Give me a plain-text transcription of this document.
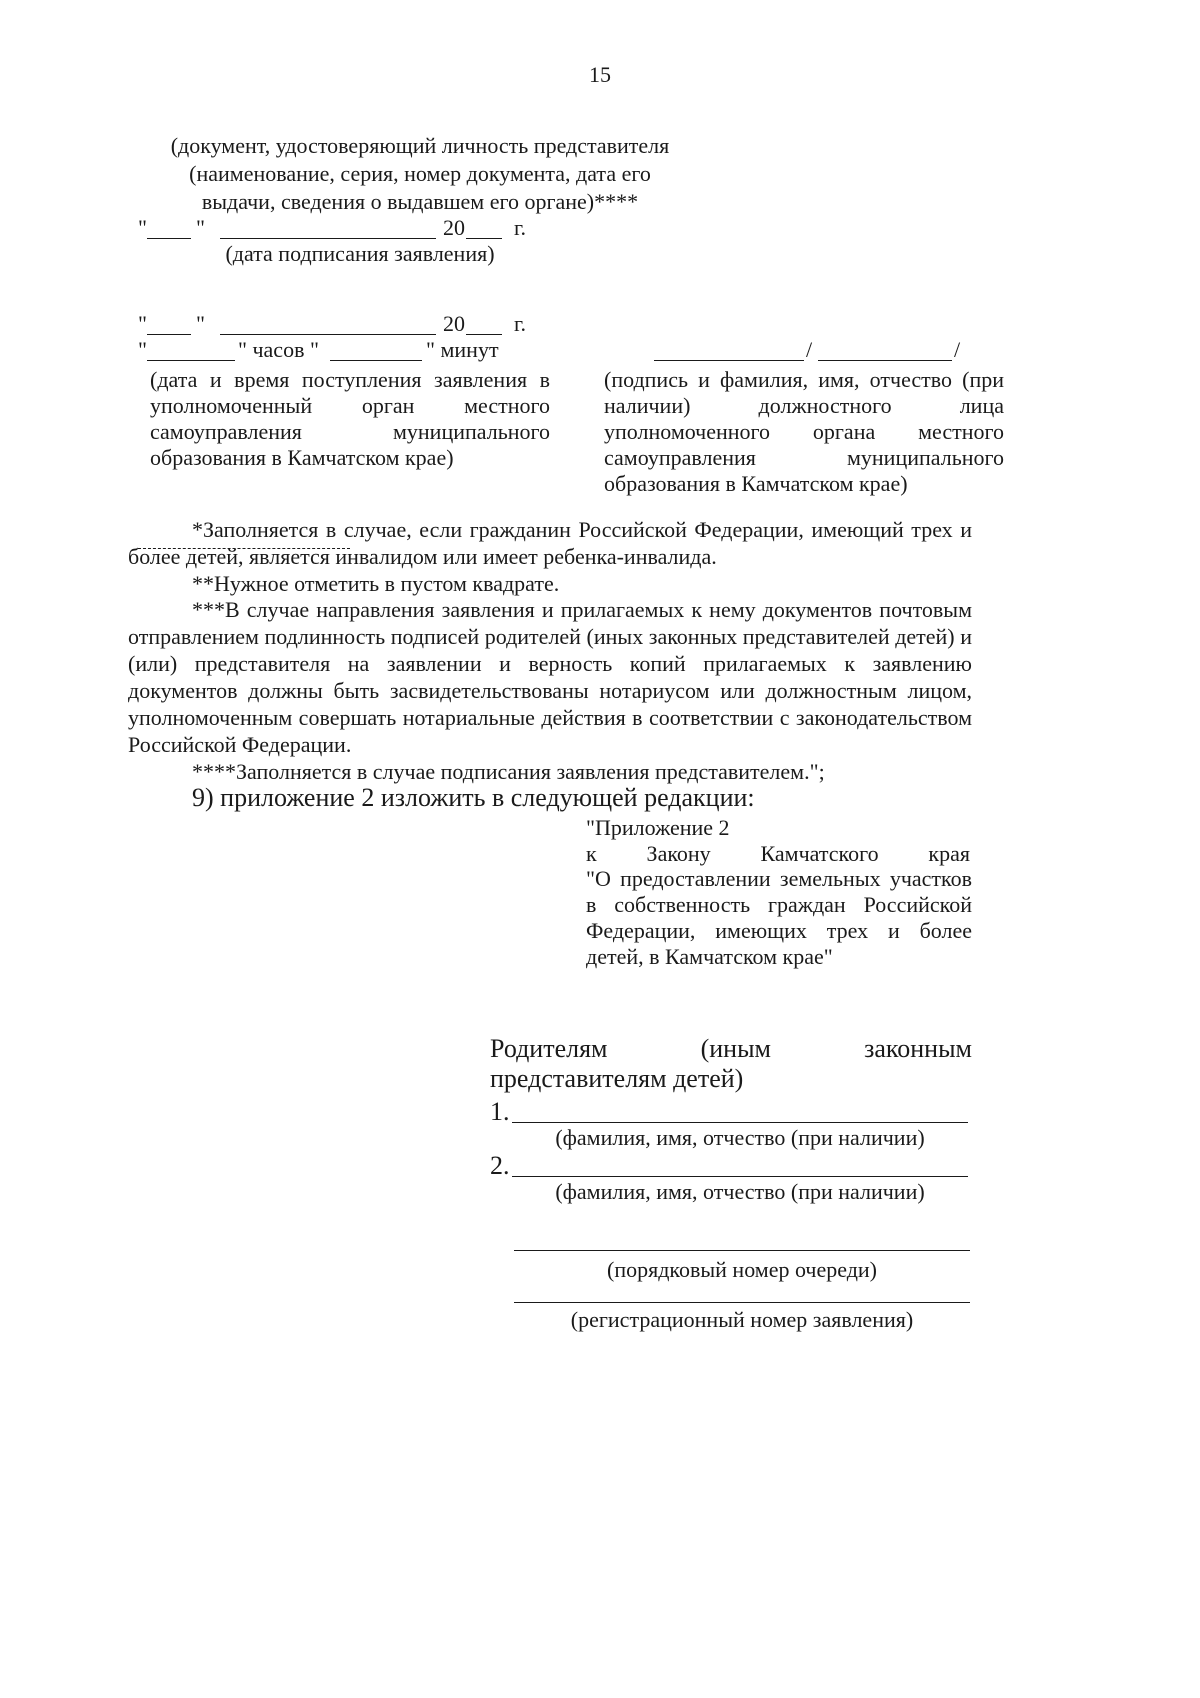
15
(документ, удостоверяющий личность представителя
(наименование, серия, номер документа, дата его
выдачи, сведения о выдавшем его органе)****
" "	20 г.
(дата подписания заявления)
" "	20 г.
"	" часов "	" минут	/	/
(дата и время поступления заявления в
уполномоченный орган местного
самоуправления муниципального
образования в Камчатском крае)
(подпись и фамилия, имя, отчество (при
наличии) должностного лица
уполномоченного органа местного
самоуправления муниципального
образования в Камчатском крае)
*Заполняется в случае, если гражданин Российской Федерации, имеющий трех и более детей, является инвалидом или имеет ребенка-инвалида.
**Нужное отметить в пустом квадрате.
***В случае направления заявления и прилагаемых к нему документов почтовым отправлением подлинность подписей родителей (иных законных представителей детей) и (или) представителя на заявлении и верность копий прилагаемых к заявлению документов должны быть засвидетельствованы нотариусом или должностным лицом, уполномоченным совершать нотариальные действия в соответствии с законодательством Российской Федерации.
****Заполняется в случае подписания заявления представителем.";
9) приложение 2 изложить в следующей редакции:
"Приложение 2
к Закону Камчатского края
"О предоставлении земельных участков в собственность граждан Российской Федерации, имеющих трех и более детей, в Камчатском крае"
Родителям (иным законным представителям детей)
1.
(фамилия, имя, отчество (при наличии)
2.
(фамилия, имя, отчество (при наличии)
(порядковый номер очереди)
(регистрационный номер заявления)
